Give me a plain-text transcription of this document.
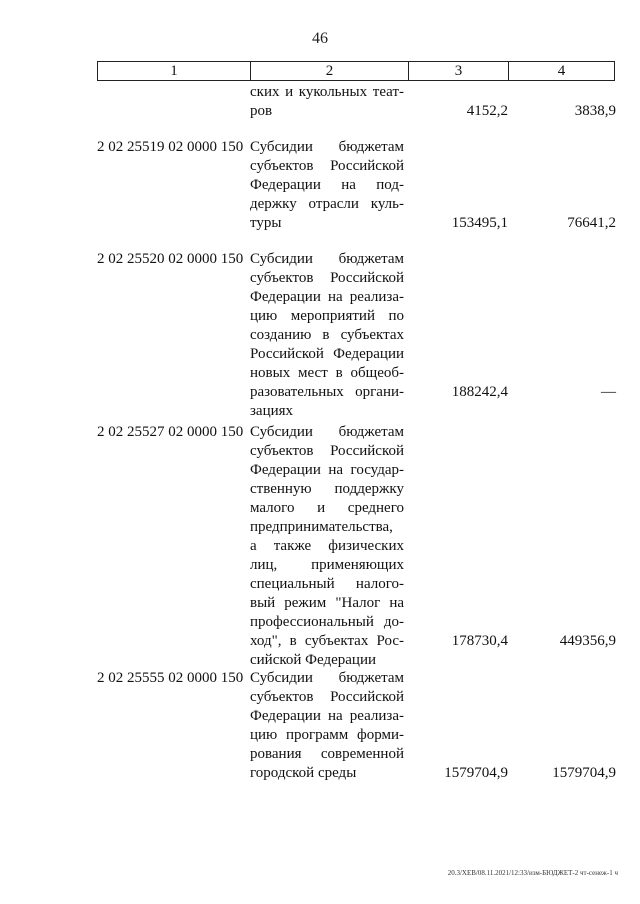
46
1	2	3	4
ских и кукольных теат-
ров	4152,2	3838,9
2 02 25519 02 0000 150 Субсидии бюджетам
субъектов Российской
Федерации на под-
держку отрасли куль-
туры	153495,1	76641,2
2 02 25520 02 0000 150 Субсидии бюджетам
субъектов Российской
Федерации на реализа-
цию мероприятий по
созданию в субъектах
Российской Федерации
новых мест в общеоб-
разовательных органи-
зациях
188242,4	—
2 02 25527 02 0000 150 Субсидии бюджетам
субъектов Российской
Федерации на государ-
ственную поддержку
малого и среднего
предпринимательства,
а также физических
лиц, применяющих
специальный налого-
вый режим "Налог на
профессиональный до-
ход", в субъектах Рос-
сийской Федерации
178730,4	449356,9
2 02 25555 02 0000 150 Субсидии бюджетам
субъектов Российской
Федерации на реализа-
цию программ форми-
рования современной
городской среды	1579704,9	1579704,9
20.3/ХЕВ/08.11.2021/12:33/изм-БЮДЖЕТ-2 чт-сенеж-1 ч
